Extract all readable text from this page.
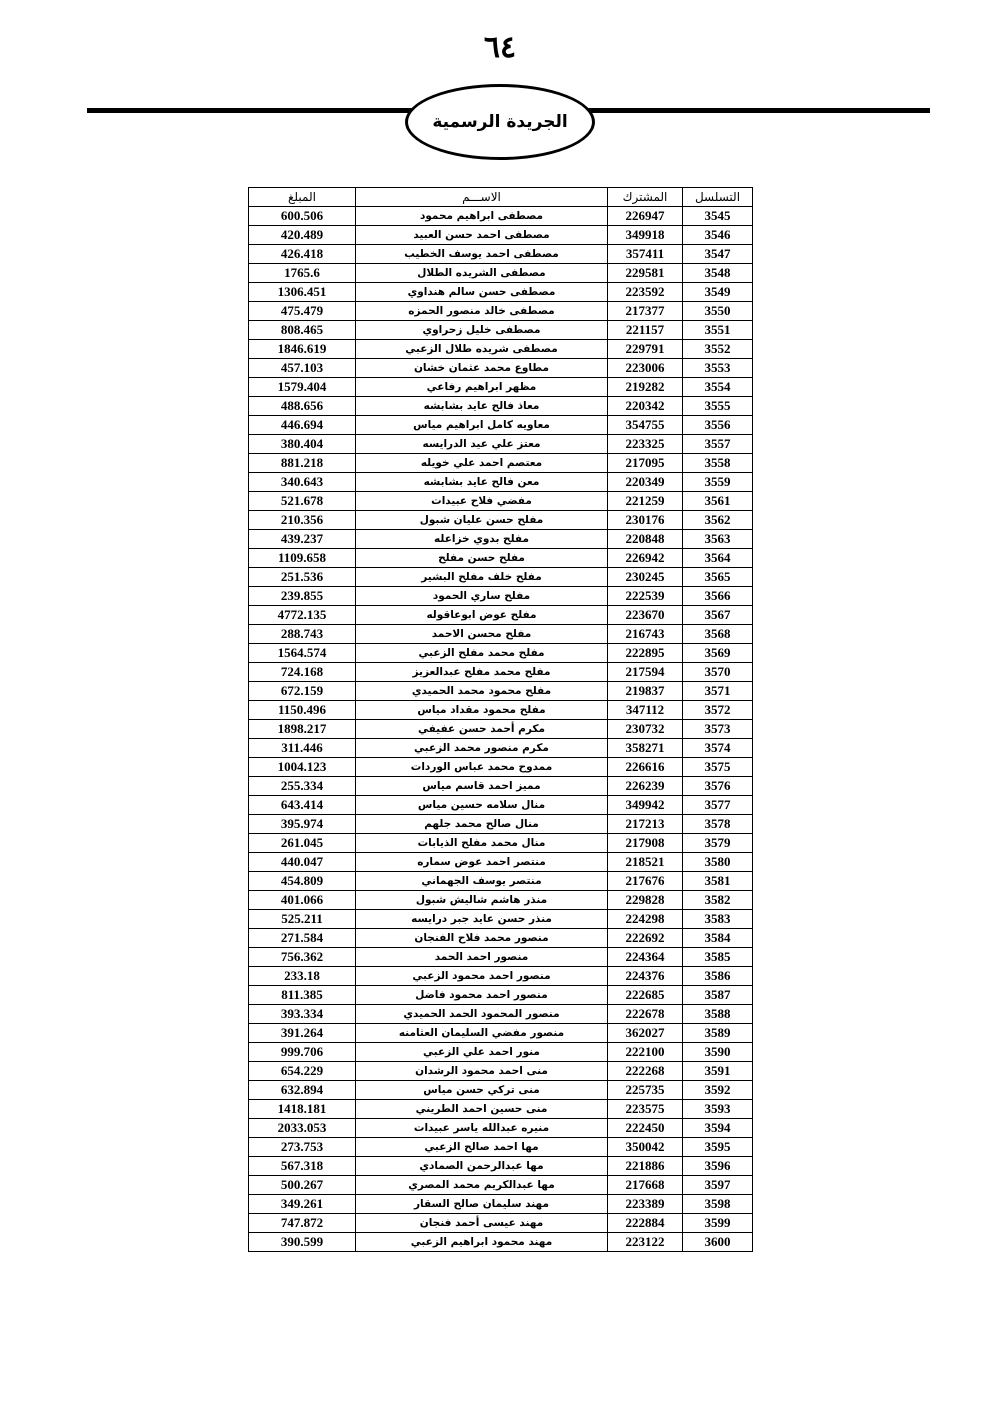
٦٤
الجريدة الرسمية
التسلسل	المشترك	الاســـم	المبلغ
3545	226947	مصطفى ابراهيم محمود	600.506
3546	349918	مصطفى احمد حسن العبيد	420.489
3547	357411	مصطفى احمد يوسف الخطيب	426.418
3548	229581	مصطفى الشريده الطلال	1765.6
3549	223592	مصطفى حسن سالم هنداوي	1306.451
3550	217377	مصطفى خالد منصور الحمزه	475.479
3551	221157	مصطفى خليل زحراوي	808.465
3552	229791	مصطفى شريده طلال الزعبي	1846.619
3553	223006	مطاوع محمد عثمان خشان	457.103
3554	219282	مظهر ابراهيم رفاعي	1579.404
3555	220342	معاذ فالح عايد بشابشه	488.656
3556	354755	معاويه كامل ابراهيم مياس	446.694
3557	223325	معتز علي عيد الدرايسه	380.404
3558	217095	معتصم احمد علي خويله	881.218
3559	220349	معن فالح عايد بشابشه	340.643
3561	221259	مفضي فلاح عبيدات	521.678
3562	230176	مفلح حسن عليان شبول	210.356
3563	220848	مفلح بدوي خزاعله	439.237
3564	226942	مفلح حسن مفلح	1109.658
3565	230245	مفلح خلف مفلح البشير	251.536
3566	222539	مفلح ساري الحمود	239.855
3567	223670	مفلح عوض ابوعاقوله	4772.135
3568	216743	مفلح محسن الاحمد	288.743
3569	222895	مفلح محمد مفلح الزعبي	1564.574
3570	217594	مفلح محمد مفلح عبدالعزيز	724.168
3571	219837	مفلح محمود محمد الحميدي	672.159
3572	347112	مفلح محمود مقداد مياس	1150.496
3573	230732	مكرم أحمد حسن عفيفي	1898.217
3574	358271	مكرم منصور محمد الزعبي	311.446
3575	226616	ممدوح محمد عباس الوردات	1004.123
3576	226239	مميز احمد قاسم مياس	255.334
3577	349942	منال سلامه حسين مياس	643.414
3578	217213	منال صالح محمد جلهم	395.974
3579	217908	منال محمد مفلح الذيابات	261.045
3580	218521	منتصر احمد عوض سماره	440.047
3581	217676	منتصر يوسف الجهماني	454.809
3582	229828	منذر هاشم شاليش شبول	401.066
3583	224298	منذر حسن عايد جبر درايسه	525.211
3584	222692	منصور محمد فلاح الفنجان	271.584
3585	224364	منصور احمد الحمد	756.362
3586	224376	منصور احمد محمود الزعبي	233.18
3587	222685	منصور احمد محمود فاضل	811.385
3588	222678	منصور المحمود الحمد الحميدي	393.334
3589	362027	منصور مفضي السليمان العثامنه	391.264
3590	222100	منور احمد علي الزعبي	999.706
3591	222268	منى احمد محمود الرشدان	654.229
3592	225735	منى تركي حسن مياس	632.894
3593	223575	منى حسين احمد الطريني	1418.181
3594	222450	منيره عبدالله ياسر عبيدات	2033.053
3595	350042	مها احمد صالح الزعبي	273.753
3596	221886	مها عبدالرحمن الصمادي	567.318
3597	217668	مها عبدالكريم محمد المصري	500.267
3598	223389	مهند سليمان صالح السقار	349.261
3599	222884	مهند عيسى أحمد فنجان	747.872
3600	223122	مهند محمود ابراهيم الزعبي	390.599
